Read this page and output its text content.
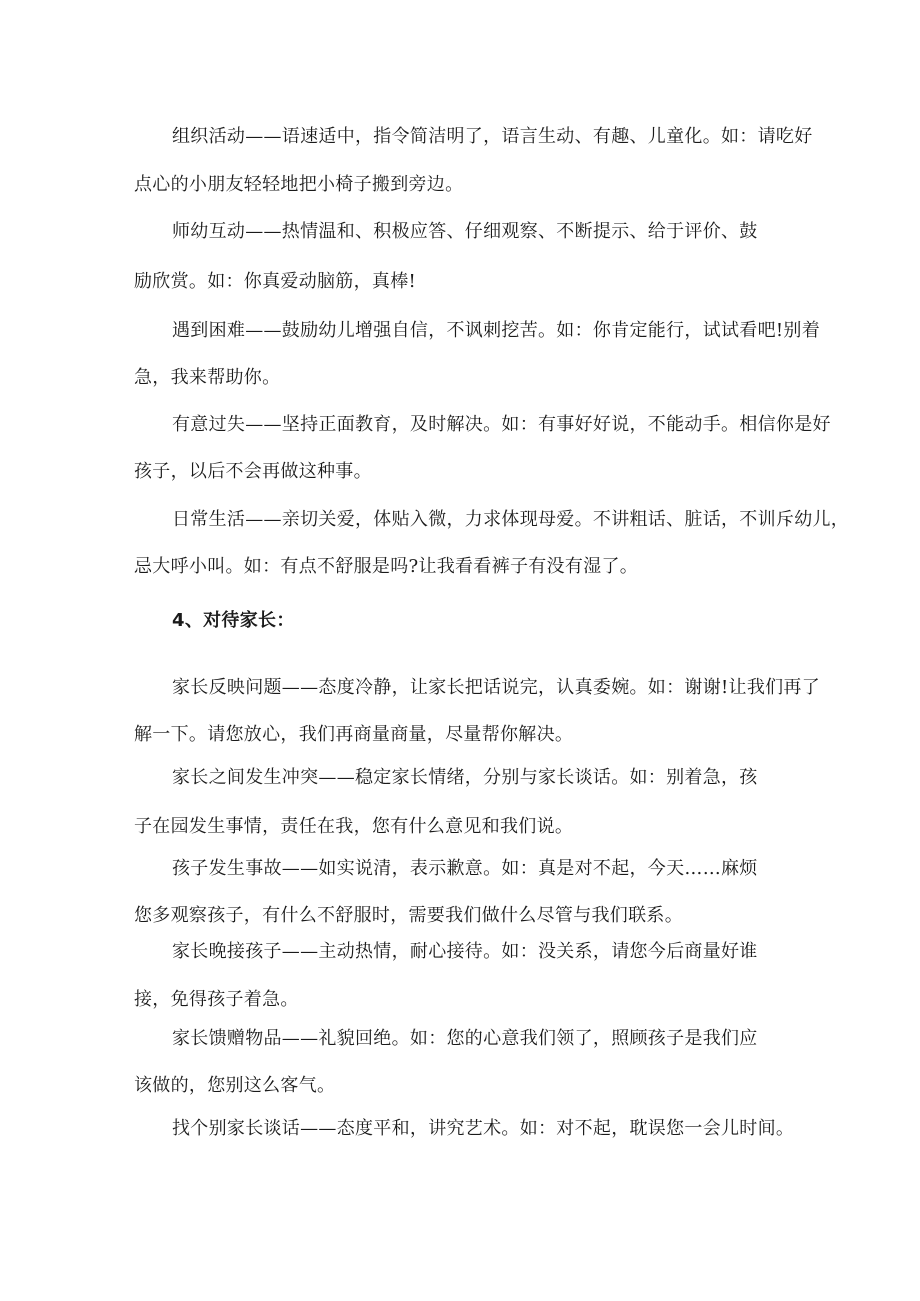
组织活动——语速适中，指令简洁明了，语言生动、有趣、儿童化。如：请吃好
点心的小朋友轻轻地把小椅子搬到旁边。
师幼互动——热情温和、积极应答、仔细观察、不断提示、给于评价、鼓
励欣赏。如：你真爱动脑筋，真棒!
遇到困难——鼓励幼儿增强自信，不讽刺挖苦。如：你肯定能行，试试看吧!别着
急，我来帮助你。
有意过失——坚持正面教育，及时解决。如：有事好好说，不能动手。相信你是好
孩子，以后不会再做这种事。
日常生活——亲切关爱，体贴入微，力求体现母爱。不讲粗话、脏话，不训斥幼儿，
忌大呼小叫。如：有点不舒服是吗?让我看看裤子有没有湿了。
4、对待家长：
家长反映问题——态度冷静，让家长把话说完，认真委婉。如：谢谢!让我们再了
解一下。请您放心，我们再商量商量，尽量帮你解决。
家长之间发生冲突——稳定家长情绪，分别与家长谈话。如：别着急，孩
子在园发生事情，责任在我，您有什么意见和我们说。
孩子发生事故——如实说清，表示歉意。如：真是对不起，今天……麻烦
您多观察孩子，有什么不舒服时，需要我们做什么尽管与我们联系。
家长晚接孩子——主动热情，耐心接待。如：没关系，请您今后商量好谁
接，免得孩子着急。
家长馈赠物品——礼貌回绝。如：您的心意我们领了，照顾孩子是我们应
该做的，您别这么客气。
找个别家长谈话——态度平和，讲究艺术。如：对不起，耽误您一会儿时间。
